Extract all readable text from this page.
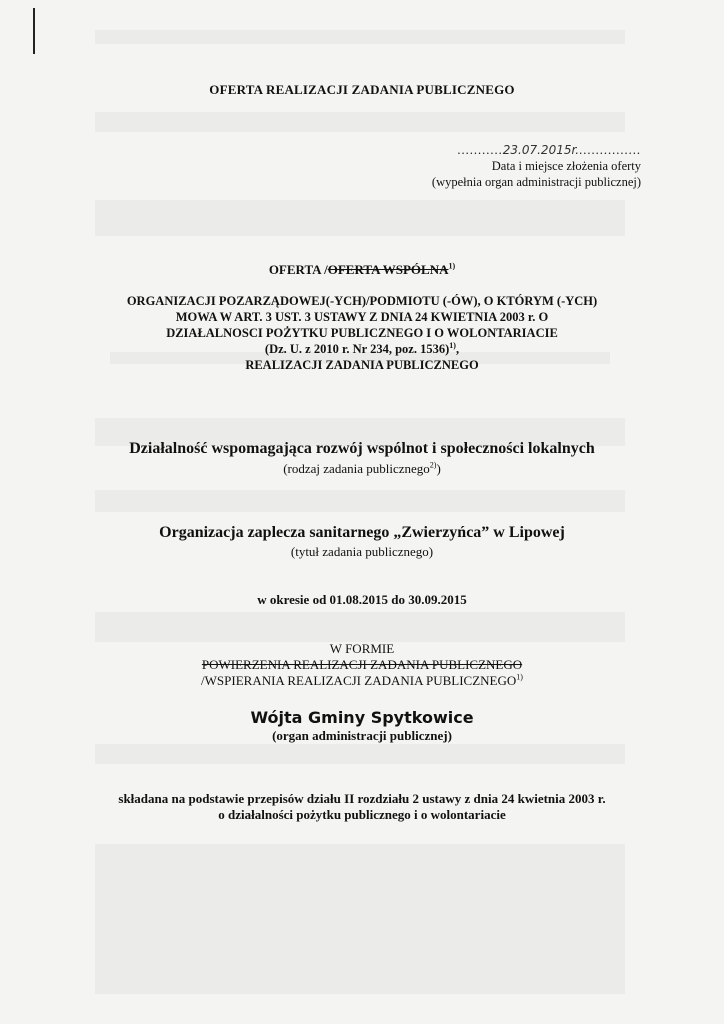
OFERTA REALIZACJI ZADANIA PUBLICZNEGO
...........23.07.2015r................
Data i miejsce złożenia oferty
(wypełnia organ administracji publicznej)
OFERTA /OFERTA WSPÓLNA$^{1)}$
ORGANIZACJI POZARZĄDOWEJ(-YCH)/PODMIOTU (-ÓW), O KTÓRYM (-YCH)
MOWA W ART. 3 UST. 3 USTAWY Z DNIA 24 KWIETNIA 2003 r. O
DZIAŁALNOSCI POŻYTKU PUBLICZNEGO I O WOLONTARIACIE
(Dz. U. z 2010 r. Nr 234, poz. 1536)$^{1)}$,
REALIZACJI ZADANIA PUBLICZNEGO
Działalność wspomagająca rozwój wspólnot i społeczności lokalnych
(rodzaj zadania publicznego$^{2)}$)
Organizacja zaplecza sanitarnego „Zwierzyńca” w Lipowej
(tytuł zadania publicznego)
w okresie od 01.08.2015 do 30.09.2015
W FORMIE
POWIERZENIA REALIZACJI ZADANIA PUBLICZNEGO
/WSPIERANIA REALIZACJI ZADANIA PUBLICZNEGO$^{1)}$
Wójta Gminy Spytkowice
(organ administracji publicznej)
składana na podstawie przepisów działu II rozdziału 2 ustawy z dnia 24 kwietnia 2003 r.
o działalności pożytku publicznego i o wolontariacie
